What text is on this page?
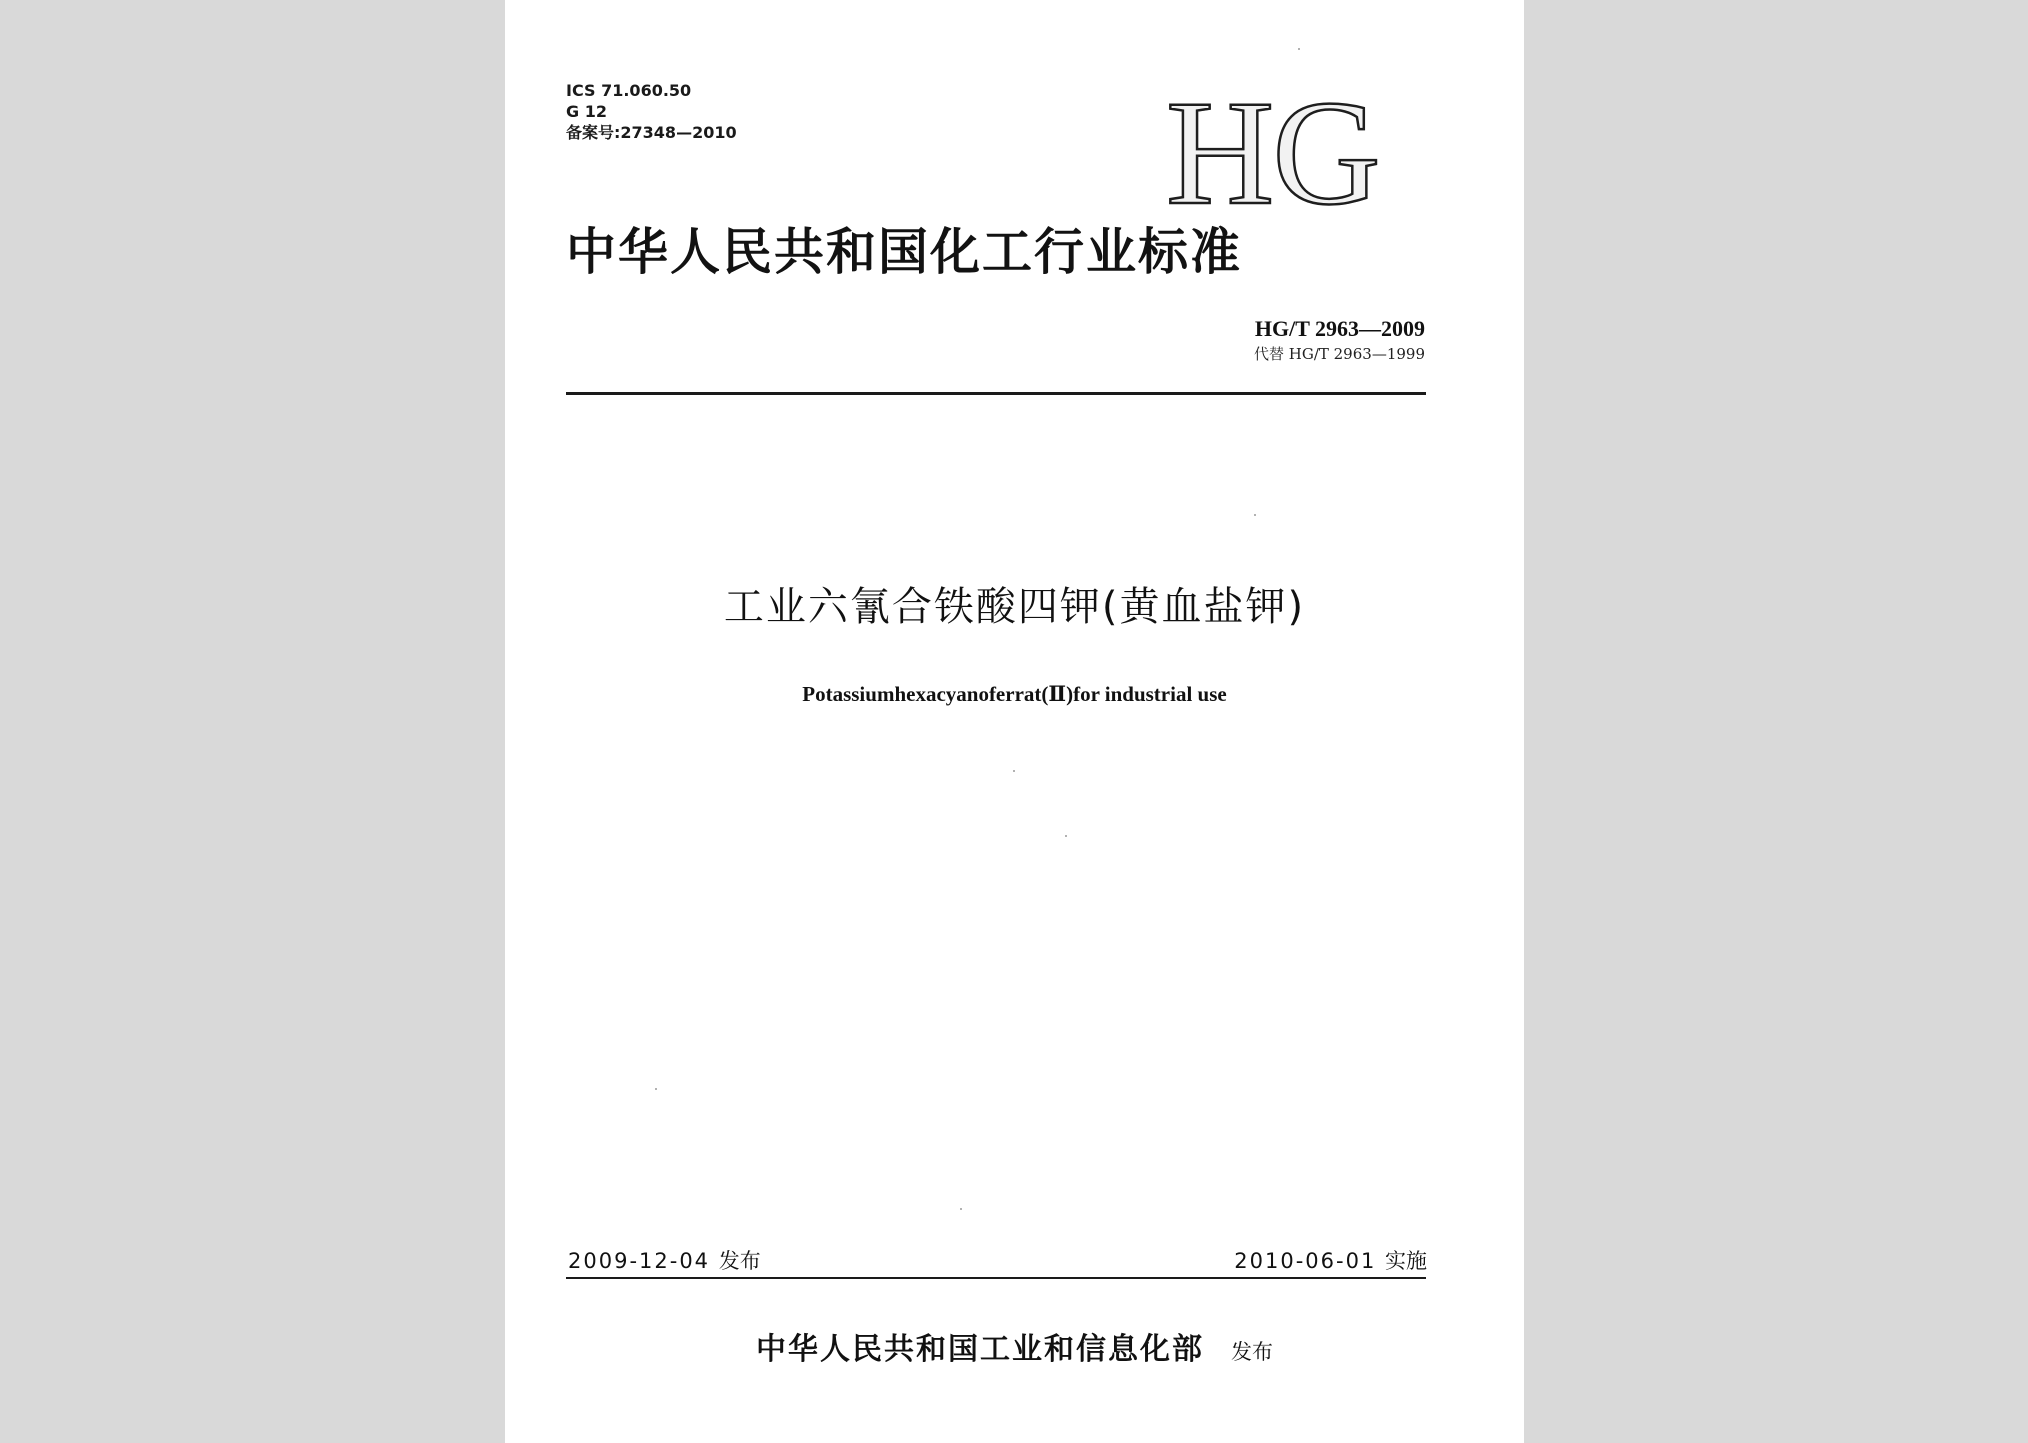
ICS 71.060.50
G 12
备案号:27348—2010	HG
中华人民共和国化工行业标准
HG/T 2963—2009
代替 HG/T 2963—1999
工业六氰合铁酸四钾(黄血盐钾)
Potassiumhexacyanoferrat(Ⅱ)for industrial use
2009-12-04 发布	2010-06-01 实施
中华人民共和国工业和信息化部 发布
